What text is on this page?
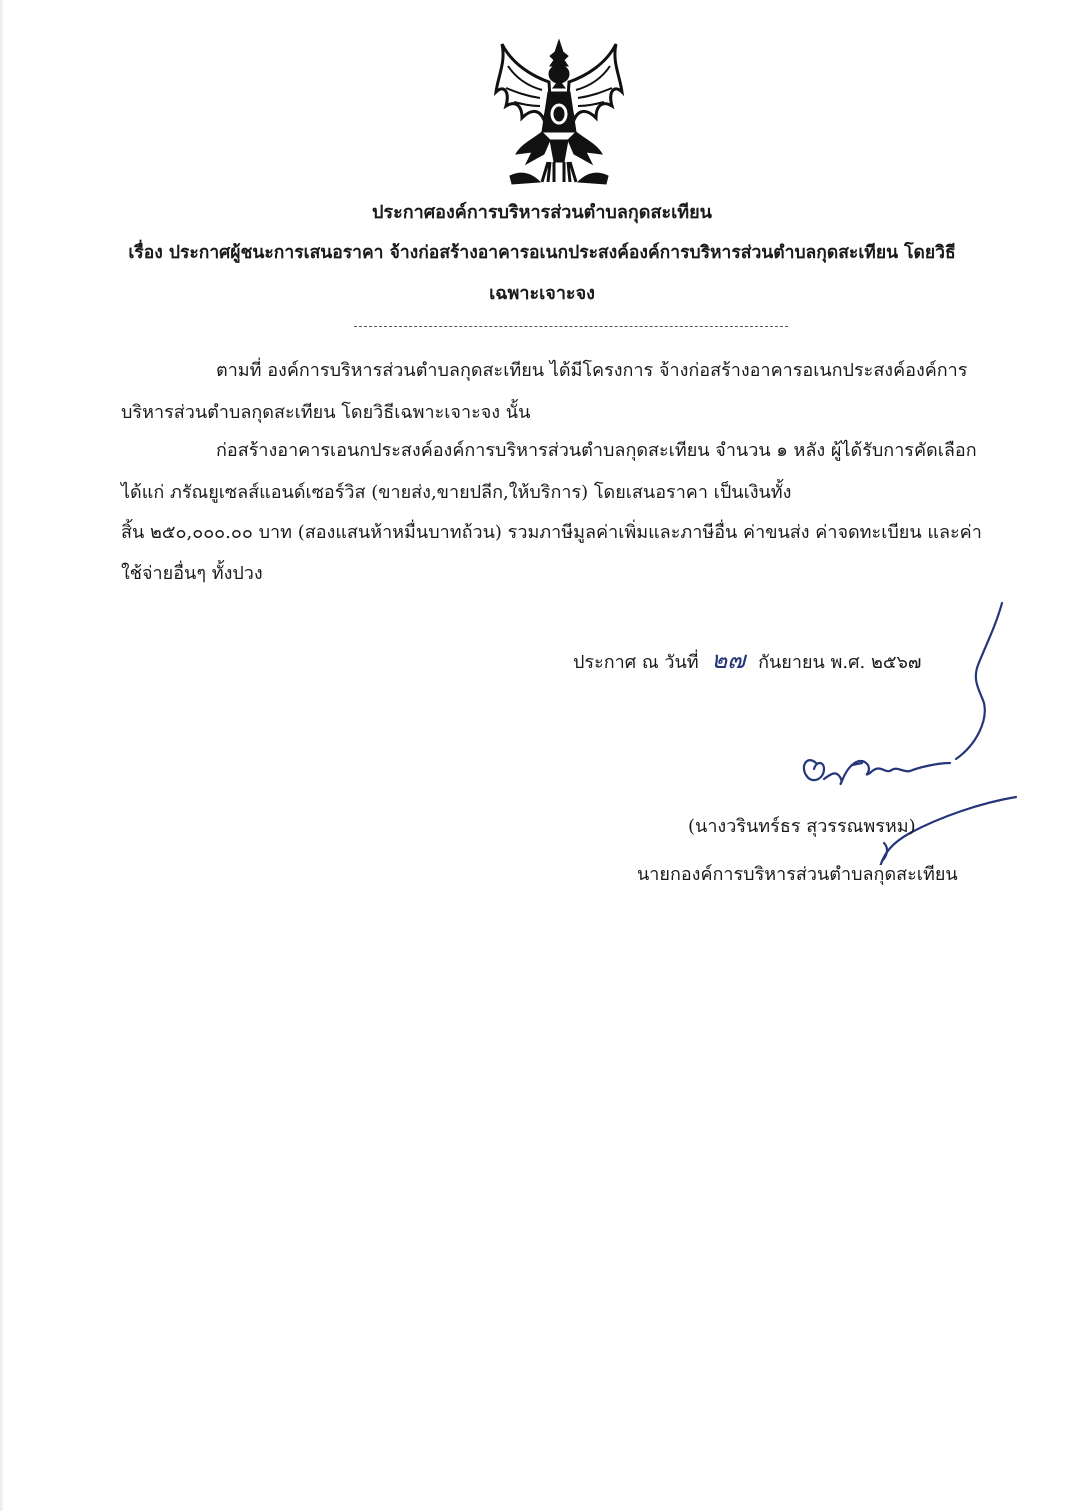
ประกาศองค์การบริหารส่วนตำบลกุดสะเทียน
เรื่อง ประกาศผู้ชนะการเสนอราคา จ้างก่อสร้างอาคารอเนกประสงค์องค์การบริหารส่วนตำบลกุดสะเทียน โดยวิธี
เฉพาะเจาะจง
ตามที่ องค์การบริหารส่วนตำบลกุดสะเทียน ได้มีโครงการ จ้างก่อสร้างอาคารอเนกประสงค์องค์การ
บริหารส่วนตำบลกุดสะเทียน โดยวิธีเฉพาะเจาะจง นั้น
ก่อสร้างอาคารเอนกประสงค์องค์การบริหารส่วนตำบลกุดสะเทียน จำนวน ๑ หลัง ผู้ได้รับการคัดเลือก
ได้แก่ ภรัณยูเซลส์แอนด์เซอร์วิส (ขายส่ง,ขายปลีก,ให้บริการ) โดยเสนอราคา เป็นเงินทั้ง
สิ้น ๒๕๐,๐๐๐.๐๐ บาท (สองแสนห้าหมื่นบาทถ้วน) รวมภาษีมูลค่าเพิ่มและภาษีอื่น ค่าขนส่ง ค่าจดทะเบียน และค่า
ใช้จ่ายอื่นๆ ทั้งปวง
ประกาศ ณ วันที่ ๒๗ กันยายน พ.ศ. ๒๕๖๗
(นางวรินทร์ธร สุวรรณพรหม)
นายกองค์การบริหารส่วนตำบลกุดสะเทียน
